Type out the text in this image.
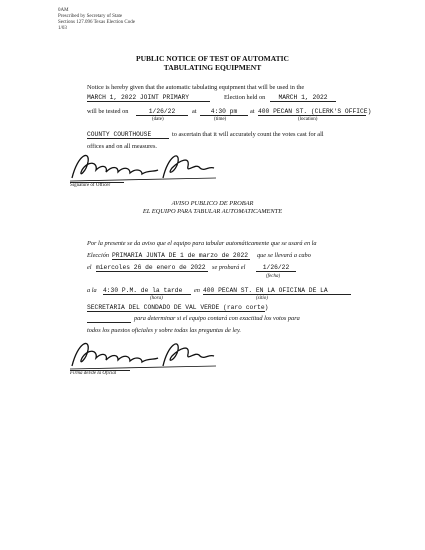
0AM
Prescribed by Secretary of State
Sections 127.096 Texas Election Code
1/03
PUBLIC NOTICE OF TEST OF AUTOMATIC
TABULATING EQUIPMENT
Notice is hereby given that the automatic tabulating equipment that will be used in the
MARCH 1, 2022 JOINT PRIMARY	Election held on	MARCH 1, 2022
will be tested on	1/26/22	at	4:30 pm	at 400 PECAN ST. (CLERK'S OFFICE)
(date)	(time)	(location)
COUNTY COURTHOUSE	to ascertain that it will accurately count the votes cast for all
offices and on all measures.
Signature of Officer
AVISO PUBLICO DE PROBAR
EL EQUIPO PARA TABULAR AUTOMATICAMENTE
Por la presente se da aviso que el equipo para tabular automáticamente que se usará en la
Elección PRIMARIA JUNTA DE 1 de marzo de 2022	que se llevará a cabo
el miercoles 26 de enero de 2022	se probará el	1/26/22
(fecha)
a la 4:30 P.M. de la tarde	en 400 PECAN ST. EN LA OFICINA DE LA
(hora)	(sitio)
SECRETARIA DEL CONDADO DE VAL VERDE (raro corte)
para determinar si el equipo contará con exactitud los votos para
todos los puestos oficiales y sobre todas las preguntas de ley.
Firma del/de la Oficial
